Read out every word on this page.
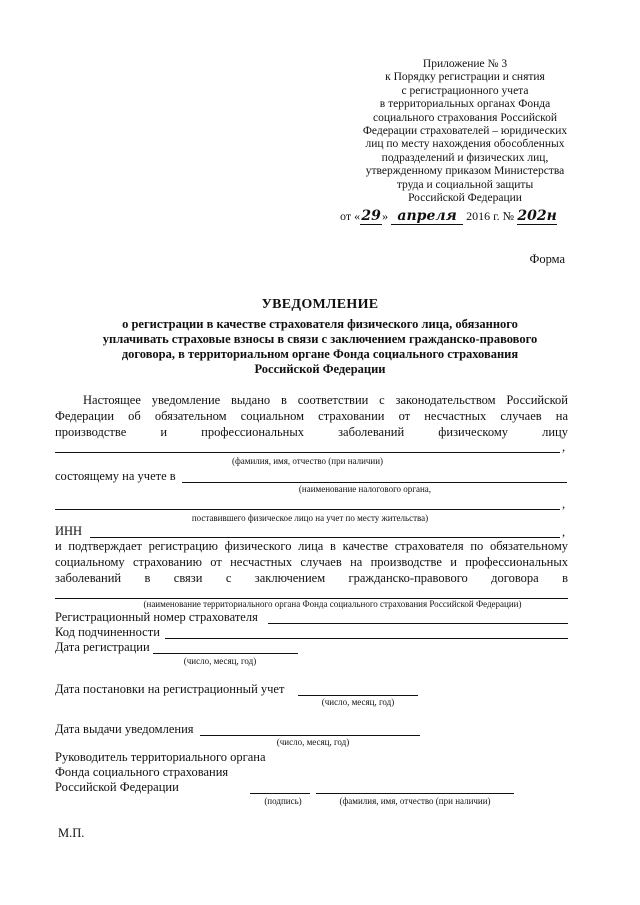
Приложение № 3
к Порядку регистрации и снятия
с регистрационного учета
в территориальных органах Фонда
социального страхования Российской
Федерации страхователей – юридических
лиц по месту нахождения обособленных
подразделений и физических лиц,
утвержденному приказом Министерства
труда и социальной защиты
Российской Федерации
от «29» апреля 2016 г. № 202н
Форма
УВЕДОМЛЕНИЕ
о регистрации в качестве страхователя физического лица, обязанного
уплачивать страховые взносы в связи с заключением гражданско-правового
договора, в территориальном органе Фонда социального страхования
Российской Федерации
Настоящее уведомление выдано в соответствии с законодательством Российской
Федерации об обязательном социальном страховании от несчастных случаев на
производстве и профессиональных заболеваний физическому лицу
,
(фамилия, имя, отчество (при наличии)
состоящему на учете в
(наименование налогового органа,
,
поставившего физическое лицо на учет по месту жительства)
ИНН	,
и подтверждает регистрацию физического лица в качестве страхователя по обязательному
социальному страхованию от несчастных случаев на производстве и профессиональных
заболеваний в связи с заключением гражданско-правового договора в
(наименование территориального органа Фонда социального страхования Российской Федерации)
Регистрационный номер страхователя
Код подчиненности
Дата регистрации
(число, месяц, год)
Дата постановки на регистрационный учет
(число, месяц, год)
Дата выдачи уведомления
(число, месяц, год)
Руководитель территориального органа
Фонда социального страхования
Российской Федерации
(подпись)	(фамилия, имя, отчество (при наличии)
М.П.
